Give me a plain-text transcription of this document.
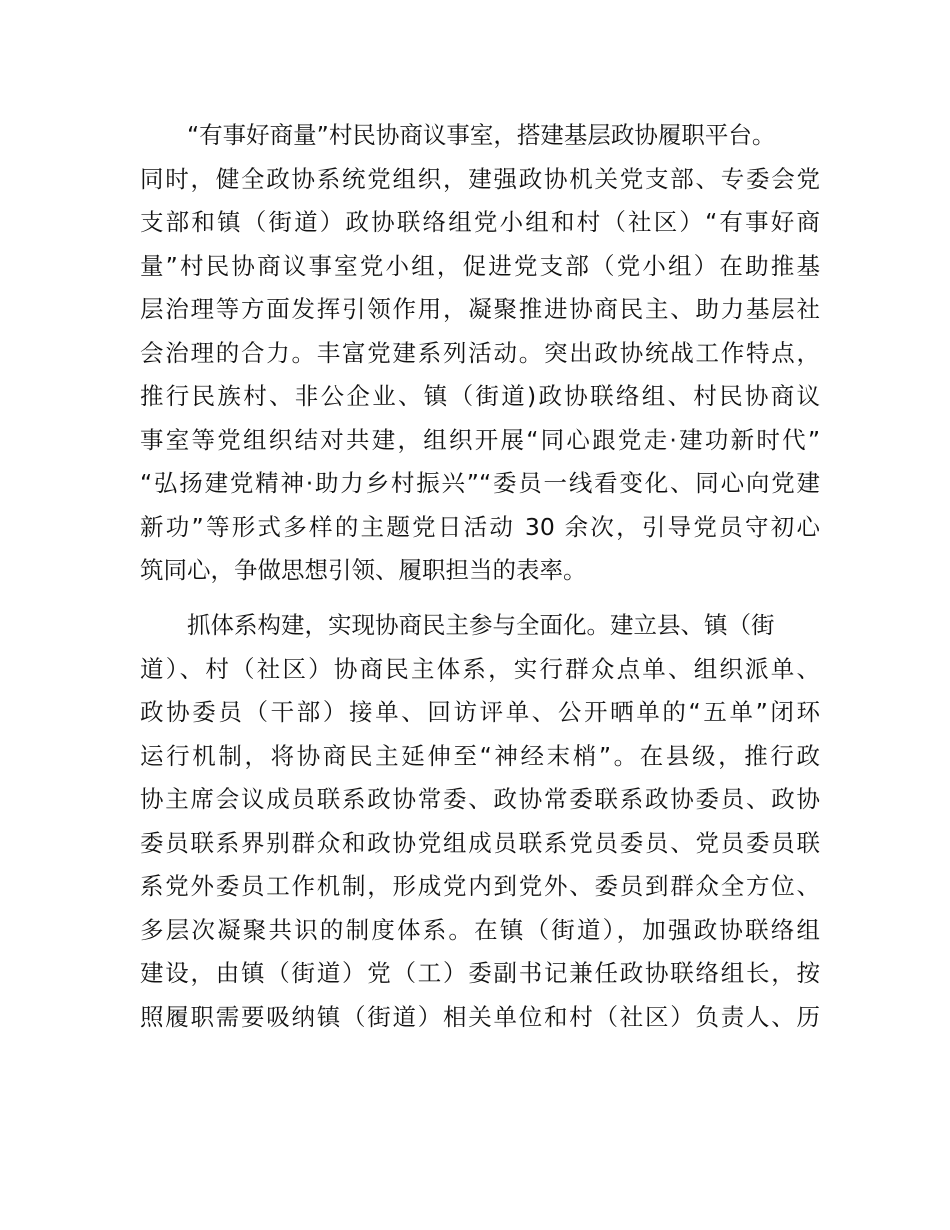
“有事好商量”村民协商议事室，搭建基层政协履职平台。
同时，健全政协系统党组织，建强政协机关党支部、专委会党
支部和镇（街道）政协联络组党小组和村（社区）“有事好商
量”村民协商议事室党小组，促进党支部（党小组）在助推基
层治理等方面发挥引领作用，凝聚推进协商民主、助力基层社
会治理的合力。丰富党建系列活动。突出政协统战工作特点，
推行民族村、非公企业、镇（街道)政协联络组、村民协商议
事室等党组织结对共建，组织开展“同心跟党走·建功新时代”
“弘扬建党精神·助力乡村振兴”“委员一线看变化、同心向党建
新功”等形式多样的主题党日活动 30 余次，引导党员守初心
筑同心，争做思想引领、履职担当的表率。
抓体系构建，实现协商民主参与全面化。建立县、镇（街
道）、村（社区）协商民主体系，实行群众点单、组织派单、
政协委员（干部）接单、回访评单、公开晒单的“五单”闭环
运行机制，将协商民主延伸至“神经末梢”。在县级，推行政
协主席会议成员联系政协常委、政协常委联系政协委员、政协
委员联系界别群众和政协党组成员联系党员委员、党员委员联
系党外委员工作机制，形成党内到党外、委员到群众全方位、
多层次凝聚共识的制度体系。在镇（街道），加强政协联络组
建设，由镇（街道）党（工）委副书记兼任政协联络组长，按
照履职需要吸纳镇（街道）相关单位和村（社区）负责人、历
